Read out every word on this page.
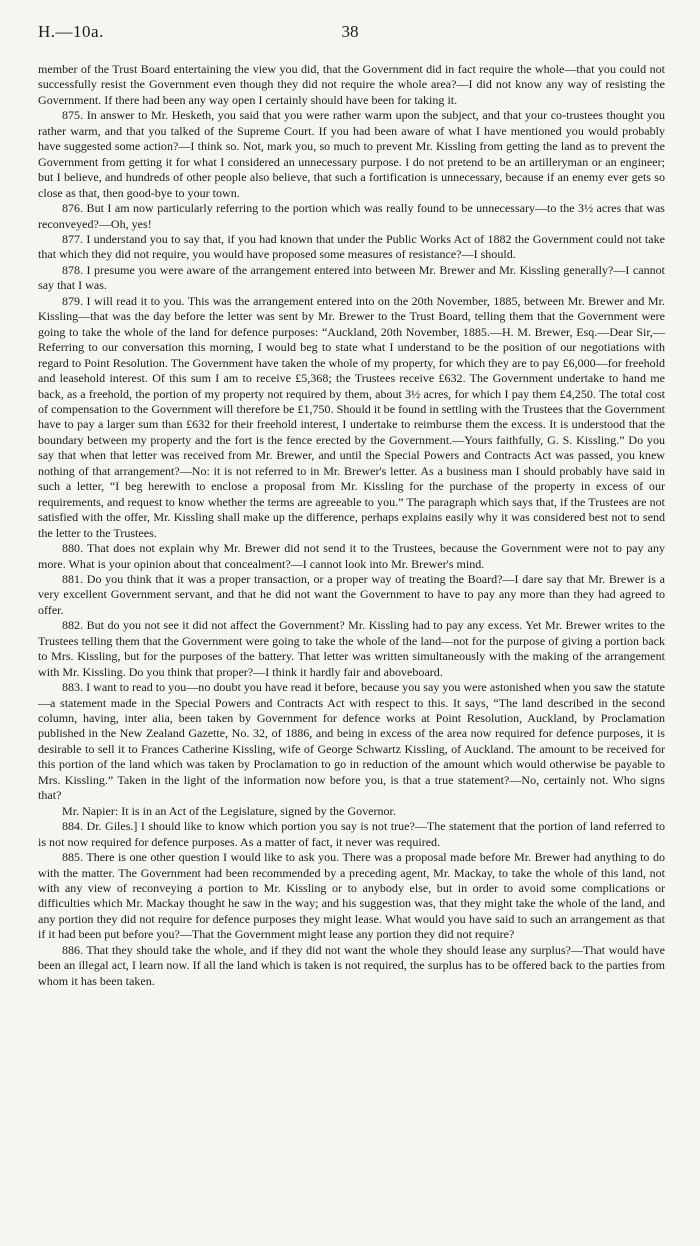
H.—10a.	38

member of the Trust Board entertaining the view you did, that the Government did in fact require the whole—that you could not successfully resist the Government even though they did not require the whole area?—I did not know any way of resisting the Government. If there had been any way open I certainly should have been for taking it.

875. In answer to Mr. Hesketh, you said that you were rather warm upon the subject, and that your co-trustees thought you rather warm, and that you talked of the Supreme Court. If you had been aware of what I have mentioned you would probably have suggested some action?—I think so. Not, mark you, so much to prevent Mr. Kissling from getting the land as to prevent the Government from getting it for what I considered an unnecessary purpose. I do not pretend to be an artilleryman or an engineer; but I believe, and hundreds of other people also believe, that such a fortification is unnecessary, because if an enemy ever gets so close as that, then good-bye to your town.

876. But I am now particularly referring to the portion which was really found to be unnecessary—to the 3½ acres that was reconveyed?—Oh, yes!

877. I understand you to say that, if you had known that under the Public Works Act of 1882 the Government could not take that which they did not require, you would have proposed some measures of resistance?—I should.

878. I presume you were aware of the arrangement entered into between Mr. Brewer and Mr. Kissling generally?—I cannot say that I was.

879. I will read it to you. This was the arrangement entered into on the 20th November, 1885, between Mr. Brewer and Mr. Kissling—that was the day before the letter was sent by Mr. Brewer to the Trust Board, telling them that the Government were going to take the whole of the land for defence purposes: “Auckland, 20th November, 1885.—H. M. Brewer, Esq.—Dear Sir,—Referring to our conversation this morning, I would beg to state what I understand to be the position of our negotiations with regard to Point Resolution. The Government have taken the whole of my property, for which they are to pay £6,000—for freehold and leasehold interest. Of this sum I am to receive £5,368; the Trustees receive £632. The Government undertake to hand me back, as a freehold, the portion of my property not required by them, about 3½ acres, for which I pay them £4,250. The total cost of compensation to the Government will therefore be £1,750. Should it be found in settling with the Trustees that the Government have to pay a larger sum than £632 for their freehold interest, I undertake to reimburse them the excess. It is understood that the boundary between my property and the fort is the fence erected by the Government.—Yours faithfully, G. S. Kissling.” Do you say that when that letter was received from Mr. Brewer, and until the Special Powers and Contracts Act was passed, you knew nothing of that arrangement?—No: it is not referred to in Mr. Brewer's letter. As a business man I should probably have said in such a letter, “I beg herewith to enclose a proposal from Mr. Kissling for the purchase of the property in excess of our requirements, and request to know whether the terms are agreeable to you.” The paragraph which says that, if the Trustees are not satisfied with the offer, Mr. Kissling shall make up the difference, perhaps explains easily why it was considered best not to send the letter to the Trustees.

880. That does not explain why Mr. Brewer did not send it to the Trustees, because the Government were not to pay any more. What is your opinion about that concealment?—I cannot look into Mr. Brewer's mind.

881. Do you think that it was a proper transaction, or a proper way of treating the Board?—I dare say that Mr. Brewer is a very excellent Government servant, and that he did not want the Government to have to pay any more than they had agreed to offer.

882. But do you not see it did not affect the Government? Mr. Kissling had to pay any excess. Yet Mr. Brewer writes to the Trustees telling them that the Government were going to take the whole of the land—not for the purpose of giving a portion back to Mrs. Kissling, but for the purposes of the battery. That letter was written simultaneously with the making of the arrangement with Mr. Kissling. Do you think that proper?—I think it hardly fair and aboveboard.

883. I want to read to you—no doubt you have read it before, because you say you were astonished when you saw the statute—a statement made in the Special Powers and Contracts Act with respect to this. It says, “The land described in the second column, having, inter alia, been taken by Government for defence works at Point Resolution, Auckland, by Proclamation published in the New Zealand Gazette, No. 32, of 1886, and being in excess of the area now required for defence purposes, it is desirable to sell it to Frances Catherine Kissling, wife of George Schwartz Kissling, of Auckland. The amount to be received for this portion of the land which was taken by Proclamation to go in reduction of the amount which would otherwise be payable to Mrs. Kissling.” Taken in the light of the information now before you, is that a true statement?—No, certainly not. Who signs that?

Mr. Napier: It is in an Act of the Legislature, signed by the Governor.

884. Dr. Giles.] I should like to know which portion you say is not true?—The statement that the portion of land referred to is not now required for defence purposes. As a matter of fact, it never was required.

885. There is one other question I would like to ask you. There was a proposal made before Mr. Brewer had anything to do with the matter. The Government had been recommended by a preceding agent, Mr. Mackay, to take the whole of this land, not with any view of reconveying a portion to Mr. Kissling or to anybody else, but in order to avoid some complications or difficulties which Mr. Mackay thought he saw in the way; and his suggestion was, that they might take the whole of the land, and any portion they did not require for defence purposes they might lease. What would you have said to such an arrangement as that if it had been put before you?—That the Government might lease any portion they did not require?

886. That they should take the whole, and if they did not want the whole they should lease any surplus?—That would have been an illegal act, I learn now. If all the land which is taken is not required, the surplus has to be offered back to the parties from whom it has been taken.
